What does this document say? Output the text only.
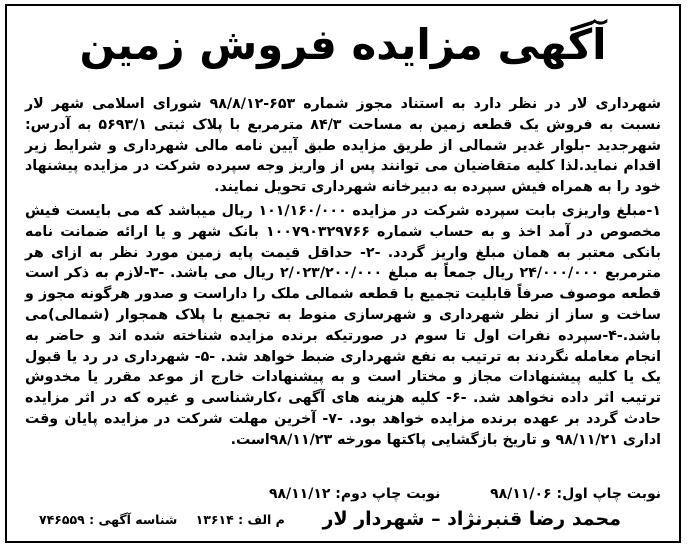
آگهی مزایده فروش زمین

شهرداری لار در نظر دارد به استناد مجوز شماره ۶۵۳-۹۸/۸/۱۲ شورای اسلامی شهر لار نسبت به فروش یک قطعه زمین به مساحت ۸۴/۳ مترمربع با پلاک ثبتی ۵۶۹۳/۱ به آدرس: شهرجدید -بلوار غدیر شمالی از طریق مزایده طبق آیین نامه مالی شهرداری و شرایط زیر اقدام نماید.لذا کلیه متقاضیان می توانند پس از واریز وجه سپرده شرکت در مزایده پیشنهاد خود را به همراه فیش سپرده به دبیرخانه شهرداری تحویل نمایند.

۱-مبلغ واریزی بابت سپرده شرکت در مزایده ۱۰۱/۱۶۰/۰۰۰ ریال میباشد که می بایست فیش مخصوص در آمد اخذ و به حساب شماره ۱۰۰۷۹۰۳۲۹۷۶۶ بانک شهر و یا ارائه ضمانت نامه بانکی معتبر به همان مبلغ واریز گردد. -۲- حداقل قیمت پایه زمین مورد نظر به ازای هر مترمربع ۲۴/۰۰۰/۰۰۰ ریال جمعاً به مبلغ ۲/۰۲۳/۲۰۰/۰۰۰ ریال می باشد. -۳-لازم به ذکر است قطعه موصوف صرفاً قابلیت تجمیع با قطعه شمالی ملک را داراست و صدور هرگونه مجوز و ساخت و ساز از نظر شهرداری و شهرسازی منوط به تجمیع با پلاک همجوار (شمالی)می باشد.-۴-سپرده نفرات اول تا سوم در صورتیکه برنده مزایده شناخته شده اند و حاضر به انجام معامله نگردند به ترتیب به نفع شهرداری ضبط خواهد شد. -۵- شهرداری در رد یا قبول یک یا کلیه پیشنهادات مجاز و مختار است و به پیشنهادات خارج از موعد مقرر یا مخدوش ترتیب اثر داده نخواهد شد. -۶- کلیه هزینه های آگهی ،کارشناسی و غیره که در اثر مزایده حادث گردد بر عهده برنده مزایده خواهد بود. -۷- آخرین مهلت شرکت در مزایده پایان وقت اداری ۹۸/۱۱/۲۱ و تاریخ بازگشایی پاکتها مورخه ۹۸/۱۱/۲۳است.

نوبت چاپ اول: ۹۸/۱۱/۰۶  نوبت چاپ دوم: ۹۸/۱۱/۱۲
محمد رضا قنبرنژاد – شهردار لار
م الف : ۱۳۶۱۴ شناسه آگهی : ۷۴۶۵۵۹
